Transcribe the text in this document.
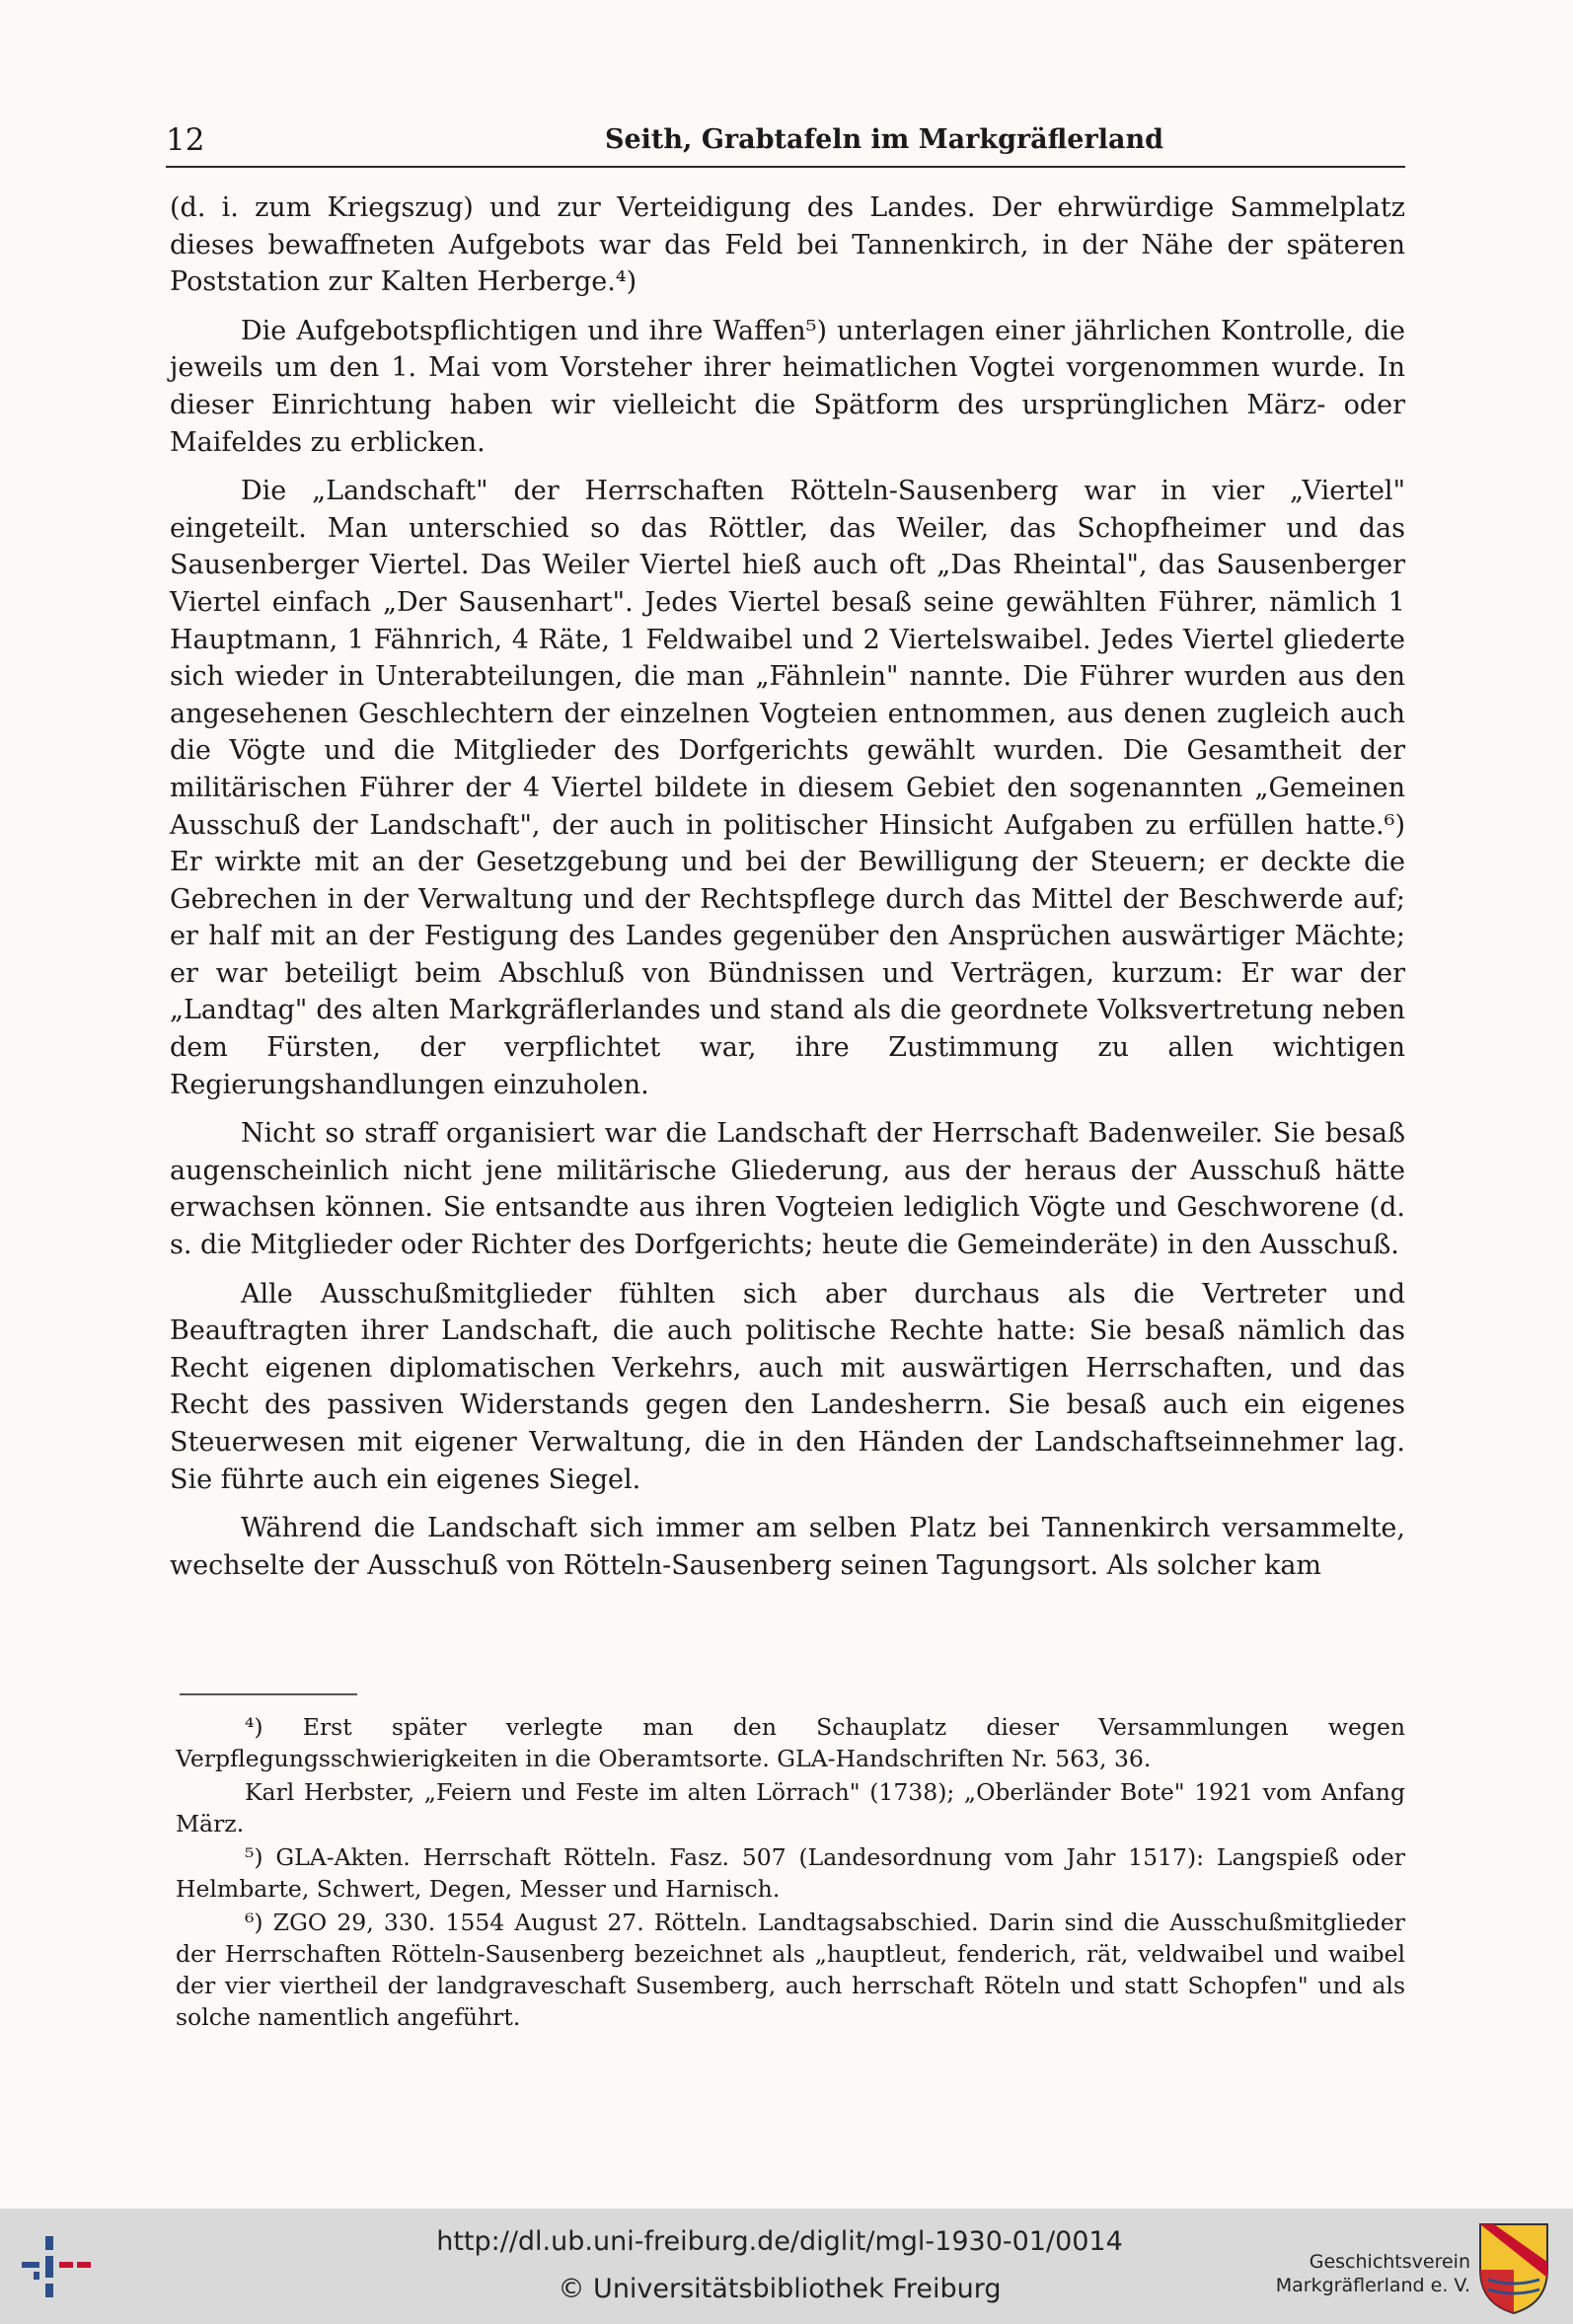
12	Seith, Grabtafeln im Markgräflerland

(d. i. zum Kriegszug) und zur Verteidigung des Landes. Der ehrwürdige Sammelplatz dieses bewaffneten Aufgebots war das Feld bei Tannenkirch, in der Nähe der späteren Poststation zur Kalten Herberge.⁴)

Die Aufgebotspflichtigen und ihre Waffen⁵) unterlagen einer jährlichen Kontrolle, die jeweils um den 1. Mai vom Vorsteher ihrer heimatlichen Vogtei vorgenommen wurde. In dieser Einrichtung haben wir vielleicht die Spätform des ursprünglichen März- oder Maifeldes zu erblicken.

Die „Landschaft" der Herrschaften Rötteln-Sausenberg war in vier „Viertel" eingeteilt. Man unterschied so das Röttler, das Weiler, das Schopfheimer und das Sausenberger Viertel. Das Weiler Viertel hieß auch oft „Das Rheintal", das Sausenberger Viertel einfach „Der Sausenhart". Jedes Viertel besaß seine gewählten Führer, nämlich 1 Hauptmann, 1 Fähnrich, 4 Räte, 1 Feldwaibel und 2 Viertelswaibel. Jedes Viertel gliederte sich wieder in Unterabteilungen, die man „Fähnlein" nannte. Die Führer wurden aus den angesehenen Geschlechtern der einzelnen Vogteien entnommen, aus denen zugleich auch die Vögte und die Mitglieder des Dorfgerichts gewählt wurden. Die Gesamtheit der militärischen Führer der 4 Viertel bildete in diesem Gebiet den sogenannten „Gemeinen Ausschuß der Landschaft", der auch in politischer Hinsicht Aufgaben zu erfüllen hatte.⁶) Er wirkte mit an der Gesetzgebung und bei der Bewilligung der Steuern; er deckte die Gebrechen in der Verwaltung und der Rechtspflege durch das Mittel der Beschwerde auf; er half mit an der Festigung des Landes gegenüber den Ansprüchen auswärtiger Mächte; er war beteiligt beim Abschluß von Bündnissen und Verträgen, kurzum: Er war der „Landtag" des alten Markgräflerlandes und stand als die geordnete Volksvertretung neben dem Fürsten, der verpflichtet war, ihre Zustimmung zu allen wichtigen Regierungshandlungen einzuholen.

Nicht so straff organisiert war die Landschaft der Herrschaft Badenweiler. Sie besaß augenscheinlich nicht jene militärische Gliederung, aus der heraus der Ausschuß hätte erwachsen können. Sie entsandte aus ihren Vogteien lediglich Vögte und Geschworene (d. s. die Mitglieder oder Richter des Dorfgerichts; heute die Gemeinderäte) in den Ausschuß.

Alle Ausschußmitglieder fühlten sich aber durchaus als die Vertreter und Beauftragten ihrer Landschaft, die auch politische Rechte hatte: Sie besaß nämlich das Recht eigenen diplomatischen Verkehrs, auch mit auswärtigen Herrschaften, und das Recht des passiven Widerstands gegen den Landesherrn. Sie besaß auch ein eigenes Steuerwesen mit eigener Verwaltung, die in den Händen der Landschaftseinnehmer lag. Sie führte auch ein eigenes Siegel.

Während die Landschaft sich immer am selben Platz bei Tannenkirch versammelte, wechselte der Ausschuß von Rötteln-Sausenberg seinen Tagungsort. Als solcher kam

⁴) Erst später verlegte man den Schauplatz dieser Versammlungen wegen Verpflegungsschwierigkeiten in die Oberamtsorte. GLA-Handschriften Nr. 563, 36.

Karl Herbster, „Feiern und Feste im alten Lörrach" (1738); „Oberländer Bote" 1921 vom Anfang März.

⁵) GLA-Akten. Herrschaft Rötteln. Fasz. 507 (Landesordnung vom Jahr 1517): Langspieß oder Helmbarte, Schwert, Degen, Messer und Harnisch.

⁶) ZGO 29, 330. 1554 August 27. Rötteln. Landtagsabschied. Darin sind die Ausschußmitglieder der Herrschaften Rötteln-Sausenberg bezeichnet als „hauptleut, fenderich, rät, veldwaibel und waibel der vier viertheil der landgraveschaft Susemberg, auch herrschaft Röteln und statt Schopfen" und als solche namentlich angeführt.

http://dl.ub.uni-freiburg.de/diglit/mgl-1930-01/0014
© Universitätsbibliothek Freiburg
Geschichtsverein
Markgräflerland e. V.
